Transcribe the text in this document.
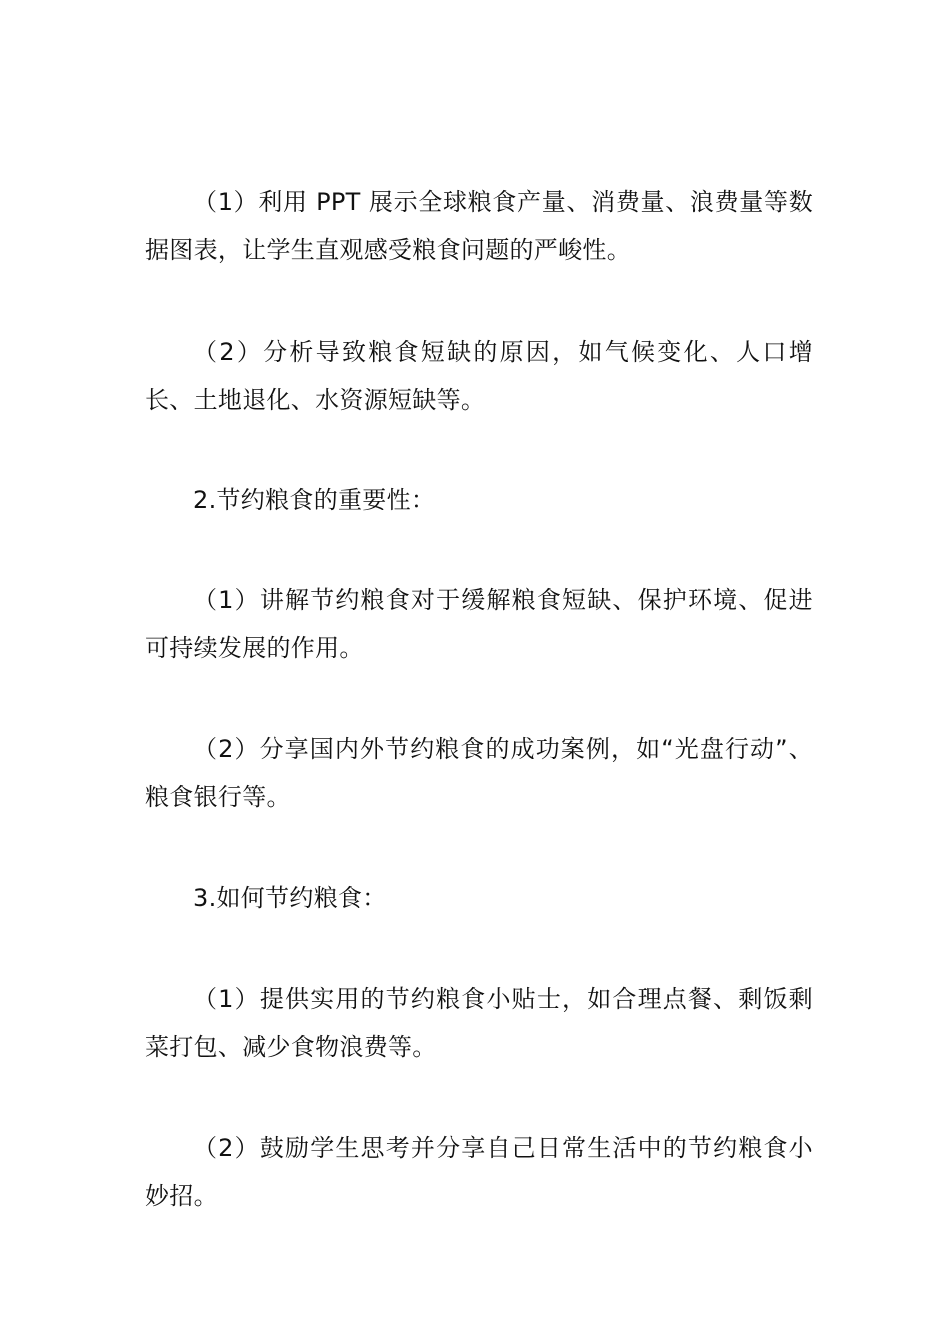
（1）利用 PPT 展示全球粮食产量、消费量、浪费量等数据图表，让学生直观感受粮食问题的严峻性。

（2）分析导致粮食短缺的原因，如气候变化、人口增长、土地退化、水资源短缺等。

2.节约粮食的重要性：

（1）讲解节约粮食对于缓解粮食短缺、保护环境、促进可持续发展的作用。

（2）分享国内外节约粮食的成功案例，如“光盘行动”、粮食银行等。

3.如何节约粮食：

（1）提供实用的节约粮食小贴士，如合理点餐、剩饭剩菜打包、减少食物浪费等。

（2）鼓励学生思考并分享自己日常生活中的节约粮食小妙招。
